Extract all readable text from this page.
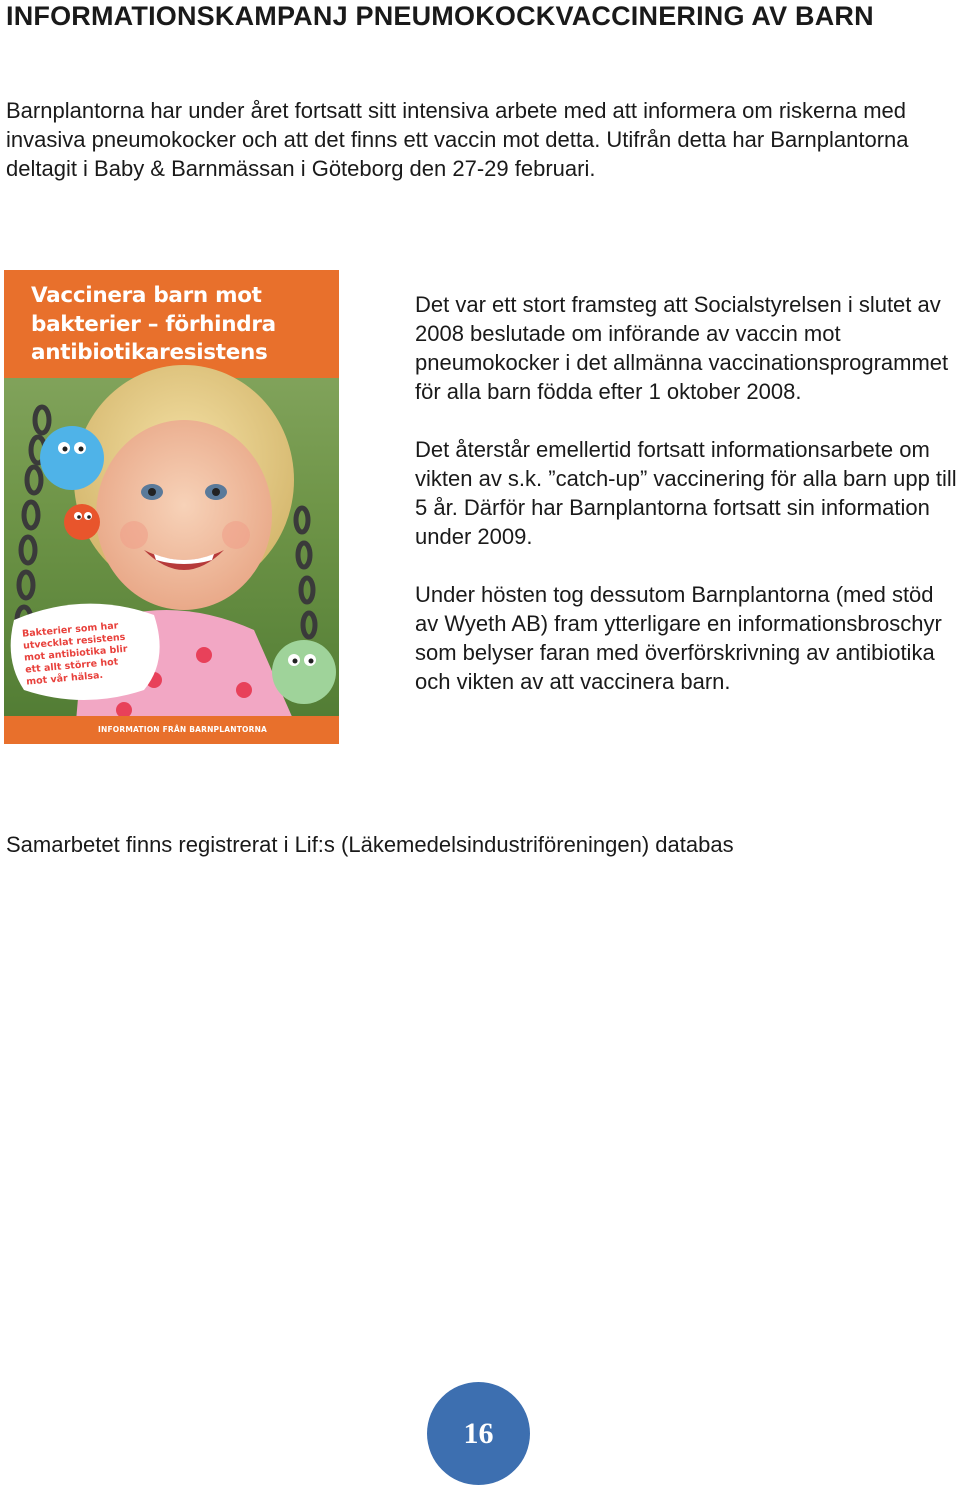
INFORMATIONSKAMPANJ PNEUMOKOCKVACCINERING AV BARN

Barnplantorna har under året fortsatt sitt intensiva arbete med att informera om riskerna med invasiva pneumokocker och att det finns ett vaccin mot detta. Utifrån detta har Barnplantorna deltagit i Baby & Barnmässan i Göteborg den 27-29 februari.

Vaccinera barn mot
bakterier – förhindra
antibiotikaresistens
Bakterier som har
utvecklat resistens
mot antibiotika blir
ett allt större hot
mot vår hälsa.
INFORMATION FRÅN BARNPLANTORNA

Det var ett stort framsteg att Socialstyrelsen i slutet av 2008 beslutade om införande av vaccin mot pneumokocker i det allmänna vaccinationsprogrammet för alla barn födda efter 1 oktober 2008.

Det återstår emellertid fortsatt informationsarbete om vikten av s.k. ”catch-up” vaccinering för alla barn upp till 5 år. Därför har Barnplantorna fortsatt sin information under 2009.

Under hösten tog dessutom Barnplantorna (med stöd av Wyeth AB) fram ytterligare en informationsbroschyr som belyser faran med överförskrivning av antibiotika och vikten av att vaccinera barn.

Samarbetet finns registrerat i Lif:s (Läkemedelsindustriföreningen) databas

16
